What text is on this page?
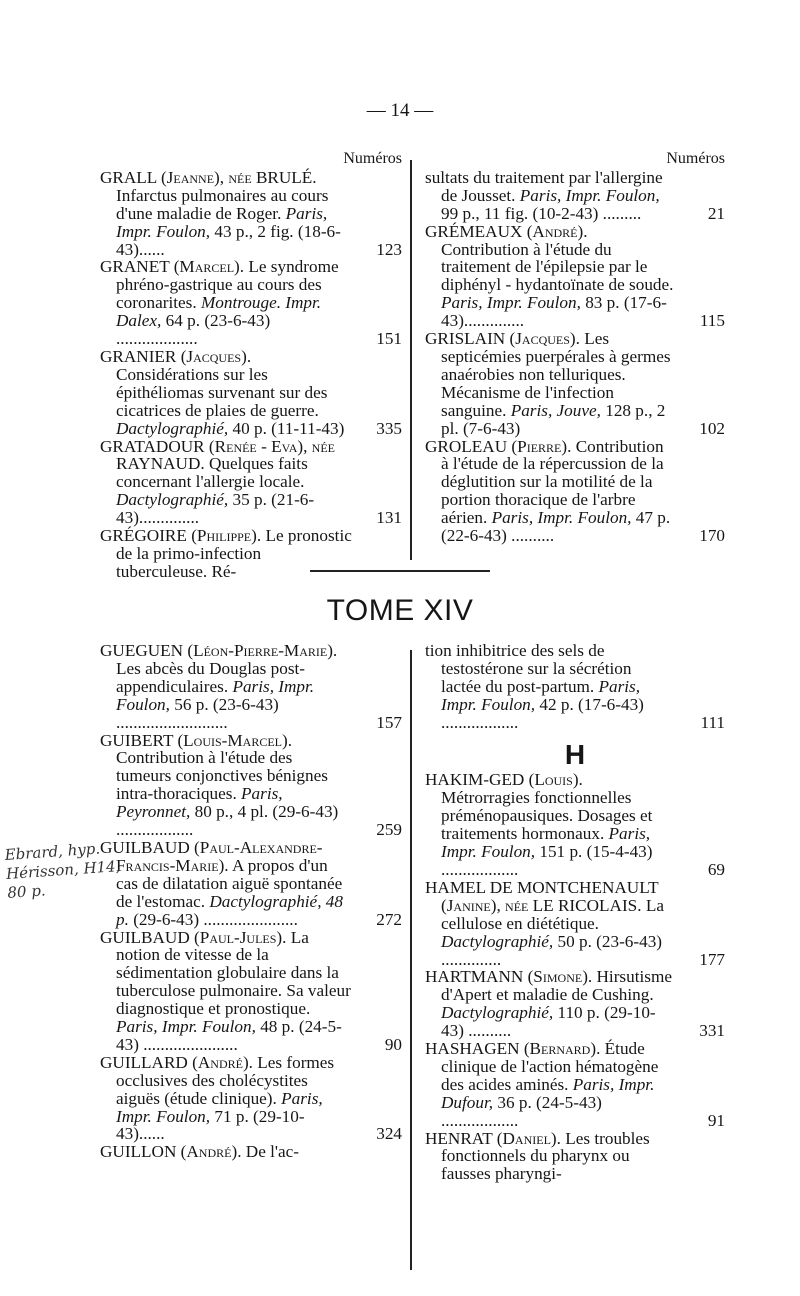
— 14 —
Numéros
GRALL (Jeanne), née BRULÉ. Infarctus pulmonaires au cours d'une maladie de Roger. Paris, Impr. Foulon, 43 p., 2 fig. (18-6-43)......	123
GRANET (Marcel). Le syndrome phréno-gastrique au cours des coronarites. Montrouge. Impr. Dalex, 64 p. (23-6-43) ...................	151
GRANIER (Jacques). Considérations sur les épithéliomas survenant sur des cicatrices de plaies de guerre. Dactylographié, 40 p. (11-11-43) 335
GRATADOUR (Renée - Eva), née RAYNAUD. Quelques faits concernant l'allergie locale. Dactylographié, 35 p. (21-6-43)..............	131
GRÉGOIRE (Philippe). Le pronostic de la primo-infection tuberculeuse. Ré-
Numéros
sultats du traitement par l'allergine de Jousset. Paris, Impr. Foulon, 99 p., 11 fig. (10-2-43) .........	21
GRÉMEAUX (André). Contribution à l'étude du traitement de l'épilepsie par le diphényl - hydantoïnate de soude. Paris, Impr. Foulon, 83 p. (17-6-43)..............	115
GRISLAIN (Jacques). Les septicémies puerpérales à germes anaérobies non telluriques. Mécanisme de l'infection sanguine. Paris, Jouve, 128 p., 2 pl. (7-6-43)	102
GROLEAU (Pierre). Contribution à l'étude de la répercussion de la déglutition sur la motilité de la portion thoracique de l'arbre aérien. Paris, Impr. Foulon, 47 p. (22-6-43) ..........	170
TOME XIV
GUEGUEN (Léon-Pierre-Marie). Les abcès du Douglas post-appendiculaires. Paris, Impr. Foulon, 56 p. (23-6-43) ..........................	157
GUIBERT (Louis-Marcel). Contribution à l'étude des tumeurs conjonctives bénignes intra-thoraciques. Paris, Peyronnet, 80 p., 4 pl. (29-6-43) ..................	259
GUILBAUD (Paul-Alexandre-Francis-Marie). A propos d'un cas de dilatation aiguë spontanée de l'estomac. Dactylographié, 48 p. (29-6-43) ......................	272
GUILBAUD (Paul-Jules). La notion de vitesse de la sédimentation globulaire dans la tuberculose pulmonaire. Sa valeur diagnostique et pronostique. Paris, Impr. Foulon, 48 p. (24-5-43) ......................	90
GUILLARD (André). Les formes occlusives des cholécystites aiguës (étude clinique). Paris, Impr. Foulon, 71 p. (29-10-43)......	324
GUILLON (André). De l'ac-
tion inhibitrice des sels de testostérone sur la sécrétion lactée du post-partum. Paris, Impr. Foulon, 42 p. (17-6-43) ..................	111
H
HAKIM-GED (Louis). Métrorragies fonctionnelles préménopausiques. Dosages et traitements hormonaux. Paris, Impr. Foulon, 151 p. (15-4-43) ..................	69
HAMEL DE MONTCHENAULT (Janine), née LE RICOLAIS. La cellulose en diététique. Dactylographié, 50 p. (23-6-43) ..............	177
HARTMANN (Simone). Hirsutisme d'Apert et maladie de Cushing. Dactylographié, 110 p. (29-10-43) ..........	331
HASHAGEN (Bernard). Étude clinique de l'action hématogène des acides aminés. Paris, Impr. Dufour, 36 p. (24-5-43) ..................	91
HENRAT (Daniel). Les troubles fonctionnels du pharynx ou fausses pharyngi-
Ebrard, hyp.
Hérisson, H14,
80 p.
